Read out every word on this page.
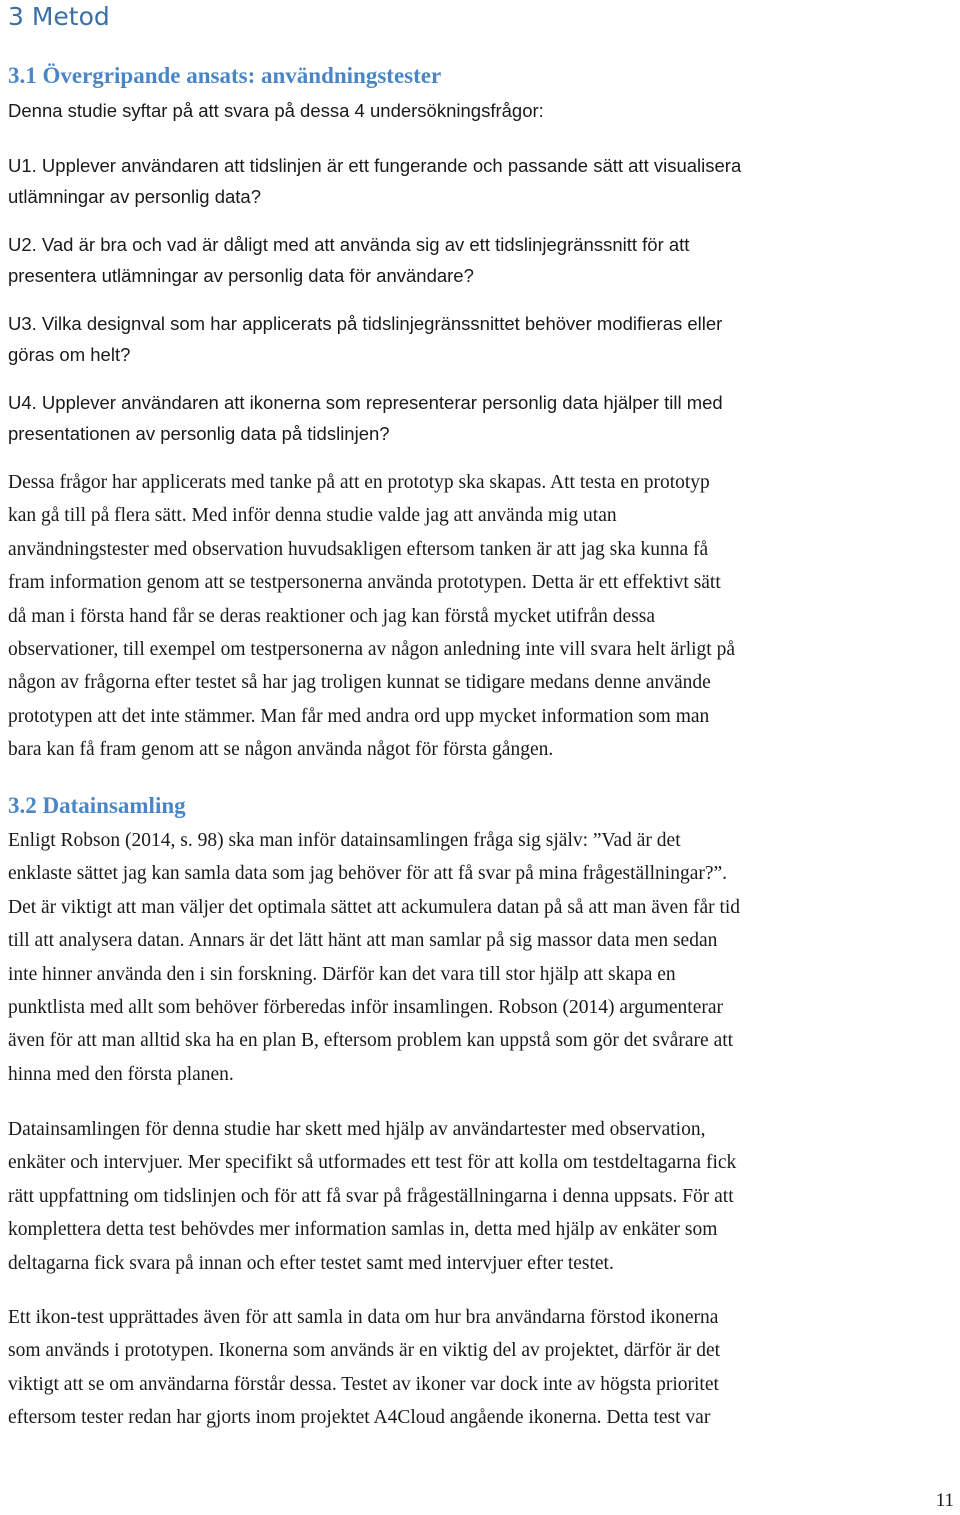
3 Metod
3.1 Övergripande ansats: användningstester

Denna studie syftar på att svara på dessa 4 undersökningsfrågor:

U1. Upplever användaren att tidslinjen är ett fungerande och passande sätt att visualisera
utlämningar av personlig data?

U2. Vad är bra och vad är dåligt med att använda sig av ett tidslinjegränssnitt för att
presentera utlämningar av personlig data för användare?

U3. Vilka designval som har applicerats på tidslinjegränssnittet behöver modifieras eller
göras om helt?

U4. Upplever användaren att ikonerna som representerar personlig data hjälper till med
presentationen av personlig data på tidslinjen?

Dessa frågor har applicerats med tanke på att en prototyp ska skapas. Att testa en prototyp
kan gå till på flera sätt. Med inför denna studie valde jag att använda mig utan
användningstester med observation huvudsakligen eftersom tanken är att jag ska kunna få
fram information genom att se testpersonerna använda prototypen. Detta är ett effektivt sätt
då man i första hand får se deras reaktioner och jag kan förstå mycket utifrån dessa
observationer, till exempel om testpersonerna av någon anledning inte vill svara helt ärligt på
någon av frågorna efter testet så har jag troligen kunnat se tidigare medans denne använde
prototypen att det inte stämmer. Man får med andra ord upp mycket information som man
bara kan få fram genom att se någon använda något för första gången.

3.2 Datainsamling

Enligt Robson (2014, s. 98) ska man inför datainsamlingen fråga sig själv: ”Vad är det
enklaste sättet jag kan samla data som jag behöver för att få svar på mina frågeställningar?”.
Det är viktigt att man väljer det optimala sättet att ackumulera datan på så att man även får tid
till att analysera datan. Annars är det lätt hänt att man samlar på sig massor data men sedan
inte hinner använda den i sin forskning. Därför kan det vara till stor hjälp att skapa en
punktlista med allt som behöver förberedas inför insamlingen. Robson (2014) argumenterar
även för att man alltid ska ha en plan B, eftersom problem kan uppstå som gör det svårare att
hinna med den första planen.

Datainsamlingen för denna studie har skett med hjälp av användartester med observation,
enkäter och intervjuer. Mer specifikt så utformades ett test för att kolla om testdeltagarna fick
rätt uppfattning om tidslinjen och för att få svar på frågeställningarna i denna uppsats. För att
komplettera detta test behövdes mer information samlas in, detta med hjälp av enkäter som
deltagarna fick svara på innan och efter testet samt med intervjuer efter testet.

Ett ikon-test upprättades även för att samla in data om hur bra användarna förstod ikonerna
som används i prototypen. Ikonerna som används är en viktig del av projektet, därför är det
viktigt att se om användarna förstår dessa. Testet av ikoner var dock inte av högsta prioritet
eftersom tester redan har gjorts inom projektet A4Cloud angående ikonerna. Detta test var

11
